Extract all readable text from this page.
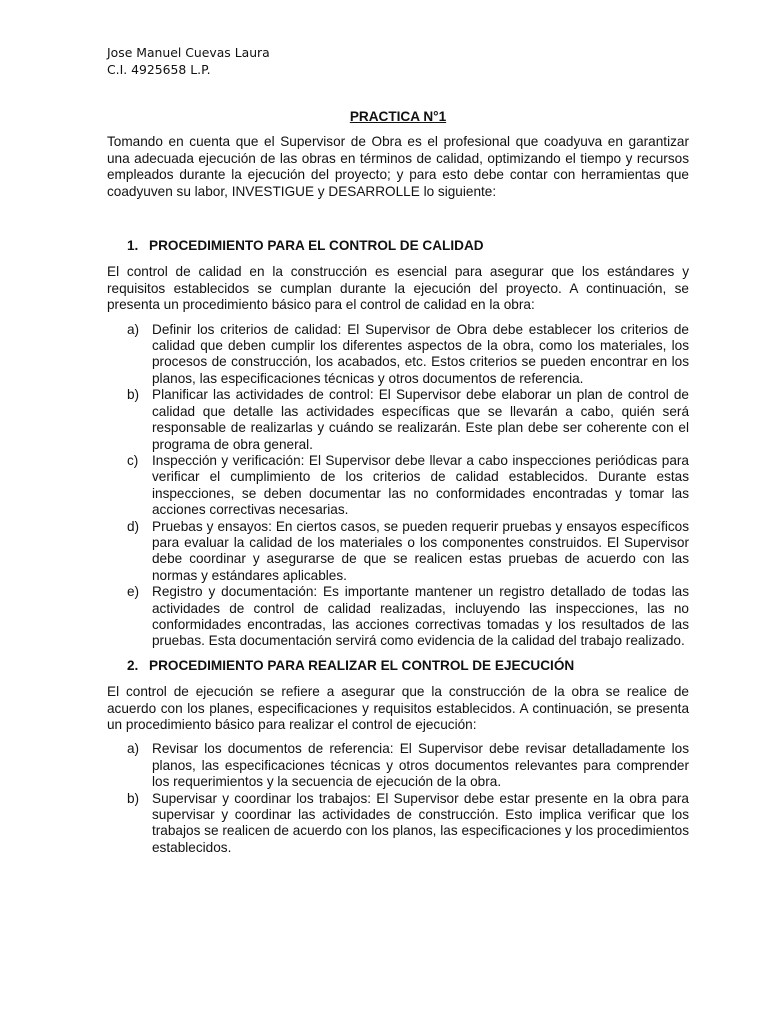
Jose Manuel Cuevas Laura
C.I. 4925658 L.P.
PRACTICA N°1

Tomando en cuenta que el Supervisor de Obra es el profesional que coadyuva en garantizar una adecuada ejecución de las obras en términos de calidad, optimizando el tiempo y recursos empleados durante la ejecución del proyecto; y para esto debe contar con herramientas que coadyuven su labor, INVESTIGUE y DESARROLLE lo siguiente:

1. PROCEDIMIENTO PARA EL CONTROL DE CALIDAD

El control de calidad en la construcción es esencial para asegurar que los estándares y requisitos establecidos se cumplan durante la ejecución del proyecto. A continuación, se presenta un procedimiento básico para el control de calidad en la obra:

a) Definir los criterios de calidad: El Supervisor de Obra debe establecer los criterios de calidad que deben cumplir los diferentes aspectos de la obra, como los materiales, los procesos de construcción, los acabados, etc. Estos criterios se pueden encontrar en los planos, las especificaciones técnicas y otros documentos de referencia.
b) Planificar las actividades de control: El Supervisor debe elaborar un plan de control de calidad que detalle las actividades específicas que se llevarán a cabo, quién será responsable de realizarlas y cuándo se realizarán. Este plan debe ser coherente con el programa de obra general.
c)	Inspección y verificación: El Supervisor debe llevar a cabo inspecciones periódicas para verificar el cumplimiento de los criterios de calidad establecidos. Durante estas inspecciones, se deben documentar las no conformidades encontradas y tomar las acciones correctivas necesarias.
d) Pruebas y ensayos: En ciertos casos, se pueden requerir pruebas y ensayos específicos para evaluar la calidad de los materiales o los componentes construidos. El Supervisor debe coordinar y asegurarse de que se realicen estas pruebas de acuerdo con las normas y estándares aplicables.
e) Registro y documentación: Es importante mantener un registro detallado de todas las actividades de control de calidad realizadas, incluyendo las inspecciones, las no conformidades encontradas, las acciones correctivas tomadas y los resultados de las pruebas. Esta documentación servirá como evidencia de la calidad del trabajo realizado.
2. PROCEDIMIENTO PARA REALIZAR EL CONTROL DE EJECUCIÓN

El control de ejecución se refiere a asegurar que la construcción de la obra se realice de acuerdo con los planes, especificaciones y requisitos establecidos. A continuación, se presenta un procedimiento básico para realizar el control de ejecución:

a) Revisar los documentos de referencia: El Supervisor debe revisar detalladamente los planos, las especificaciones técnicas y otros documentos relevantes para comprender los requerimientos y la secuencia de ejecución de la obra.
b) Supervisar y coordinar los trabajos: El Supervisor debe estar presente en la obra para supervisar y coordinar las actividades de construcción. Esto implica verificar que los trabajos se realicen de acuerdo con los planos, las especificaciones y los procedimientos establecidos.
